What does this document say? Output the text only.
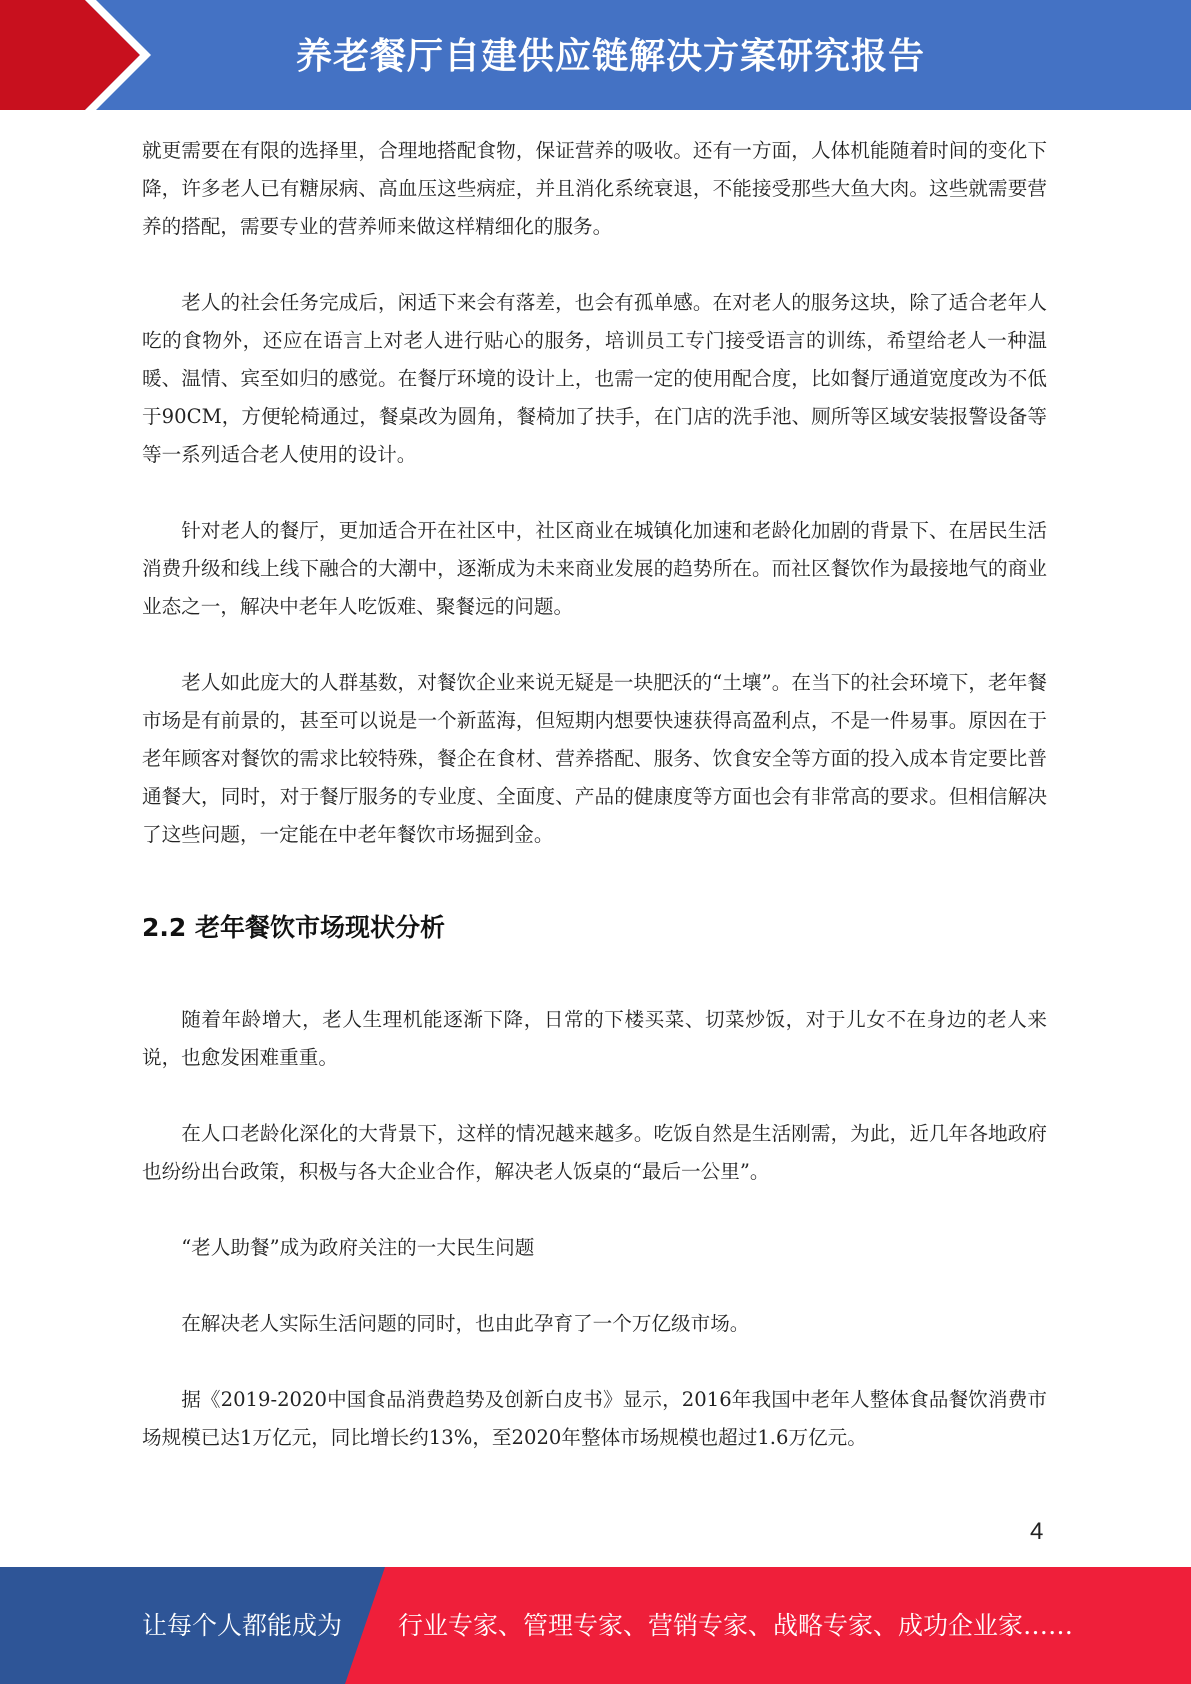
养老餐厅自建供应链解决方案研究报告

就更需要在有限的选择里，合理地搭配食物，保证营养的吸收。还有一方面，人体机能随着时间的变化下降，许多老人已有糖尿病、高血压这些病症，并且消化系统衰退，不能接受那些大鱼大肉。这些就需要营养的搭配，需要专业的营养师来做这样精细化的服务。

老人的社会任务完成后，闲适下来会有落差，也会有孤单感。在对老人的服务这块，除了适合老年人吃的食物外，还应在语言上对老人进行贴心的服务，培训员工专门接受语言的训练，希望给老人一种温暖、温情、宾至如归的感觉。在餐厅环境的设计上，也需一定的使用配合度，比如餐厅通道宽度改为不低于90CM，方便轮椅通过，餐桌改为圆角，餐椅加了扶手，在门店的洗手池、厕所等区域安装报警设备等等一系列适合老人使用的设计。

针对老人的餐厅，更加适合开在社区中，社区商业在城镇化加速和老龄化加剧的背景下、在居民生活消费升级和线上线下融合的大潮中，逐渐成为未来商业发展的趋势所在。而社区餐饮作为最接地气的商业业态之一，解决中老年人吃饭难、聚餐远的问题。

老人如此庞大的人群基数，对餐饮企业来说无疑是一块肥沃的“土壤”。在当下的社会环境下，老年餐市场是有前景的，甚至可以说是一个新蓝海，但短期内想要快速获得高盈利点，不是一件易事。原因在于老年顾客对餐饮的需求比较特殊，餐企在食材、营养搭配、服务、饮食安全等方面的投入成本肯定要比普通餐大，同时，对于餐厅服务的专业度、全面度、产品的健康度等方面也会有非常高的要求。但相信解决了这些问题，一定能在中老年餐饮市场掘到金。

2.2 老年餐饮市场现状分析

随着年龄增大，老人生理机能逐渐下降，日常的下楼买菜、切菜炒饭，对于儿女不在身边的老人来说，也愈发困难重重。

在人口老龄化深化的大背景下，这样的情况越来越多。吃饭自然是生活刚需，为此，近几年各地政府也纷纷出台政策，积极与各大企业合作，解决老人饭桌的“最后一公里”。

“老人助餐”成为政府关注的一大民生问题

在解决老人实际生活问题的同时，也由此孕育了一个万亿级市场。

据《2019-2020中国食品消费趋势及创新白皮书》显示，2016年我国中老年人整体食品餐饮消费市场规模已达1万亿元，同比增长约13%，至2020年整体市场规模也超过1.6万亿元。

4
让每个人都能成为 行业专家、管理专家、营销专家、战略专家、成功企业家……
